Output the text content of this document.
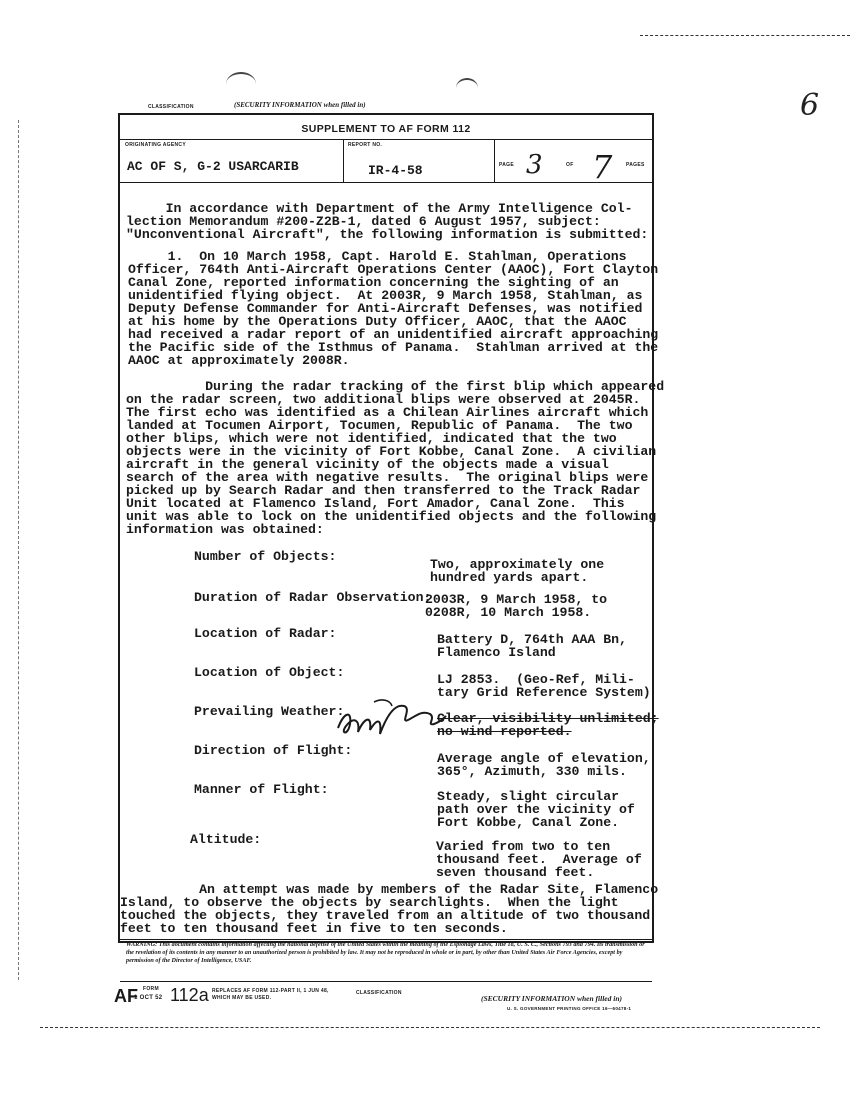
6
CLASSIFICATION	(SECURITY INFORMATION when filled in)
SUPPLEMENT TO AF FORM 112
ORIGINATING AGENCY
AC OF S, G-2 USARCARIB
REPORT NO.
IR-4-58	PAGE 3	OF 7	PAGES
In accordance with Department of the Army Intelligence Col-
lection Memorandum #200-Z2B-1, dated 6 August 1957, subject:
"Unconventional Aircraft", the following information is submitted:
1.  On 10 March 1958, Capt. Harold E. Stahlman, Operations
Officer, 764th Anti-Aircraft Operations Center (AAOC), Fort Clayton
Canal Zone, reported information concerning the sighting of an
unidentified flying object.  At 2003R, 9 March 1958, Stahlman, as
Deputy Defense Commander for Anti-Aircraft Defenses, was notified
at his home by the Operations Duty Officer, AAOC, that the AAOC
had received a radar report of an unidentified aircraft approaching
the Pacific side of the Isthmus of Panama.  Stahlman arrived at the
AAOC at approximately 2008R.
During the radar tracking of the first blip which appeared
on the radar screen, two additional blips were observed at 2045R.
The first echo was identified as a Chilean Airlines aircraft which
landed at Tocumen Airport, Tocumen, Republic of Panama.  The two
other blips, which were not identified, indicated that the two
objects were in the vicinity of Fort Kobbe, Canal Zone.  A civilian
aircraft in the general vicinity of the objects made a visual
search of the area with negative results.  The original blips were
picked up by Search Radar and then transferred to the Track Radar
Unit located at Flamenco Island, Fort Amador, Canal Zone.  This
unit was able to lock on the unidentified objects and the following
information was obtained:
Number of Objects:
Two, approximately one
hundred yards apart.
Duration of Radar Observation:
2003R, 9 March 1958, to
0208R, 10 March 1958.
Location of Radar:	Battery D, 764th AAA Bn,
Flamenco Island
Location of Object:	LJ 2853.  (Geo-Ref, Mili-
tary Grid Reference System)
Prevailing Weather:	Clear, visibility unlimited;
no wind reported.
Direction of Flight:
Average angle of elevation,
365°, Azimuth, 330 mils.
Manner of Flight:	Steady, slight circular
path over the vicinity of
Fort Kobbe, Canal Zone.
Altitude:	Varied from two to ten
thousand feet.  Average of
seven thousand feet.
An attempt was made by members of the Radar Site, Flamenco
Island, to observe the objects by searchlights.  When the light
touched the objects, they traveled from an altitude of two thousand
feet to ten thousand feet in five to ten seconds.
WARNING: This document contains information affecting the national defense of the United States within the meaning of the Espionage Laws, Title 18, U. S. C., Sections 793 and 794. Its transmission or the revelation of its contents in any manner to an unauthorized person is prohibited by law. It may not be reproduced in whole or in part, by other than United States Air Force Agencies, except by permission of the Director of Intelligence, USAF.
AF FORM
1 OCT 52 112a REPLACES AF FORM 112-PART II, 1 JUN 48,
WHICH MAY BE USED.
CLASSIFICATION
(SECURITY INFORMATION when filled in)
U. S. GOVERNMENT PRINTING OFFICE 16—60478-1
